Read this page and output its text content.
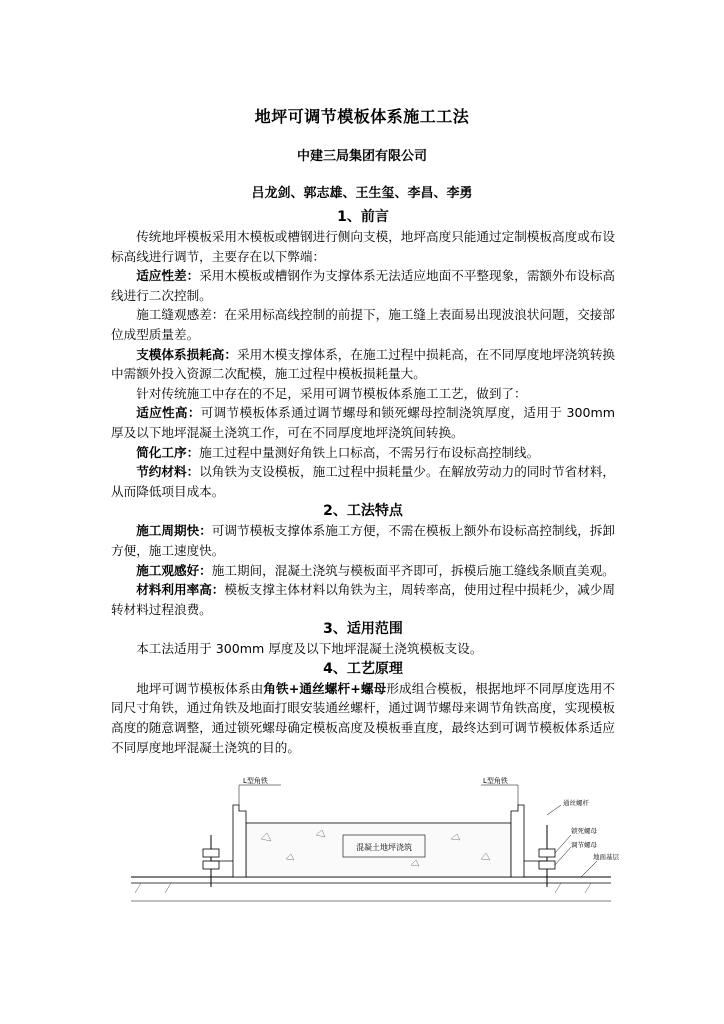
地坪可调节模板体系施工工法
中建三局集团有限公司
吕龙剑、郭志雄、王生玺、李昌、李勇

1、前言

传统地坪模板采用木模板或槽钢进行侧向支模，地坪高度只能通过定制模板高度或布设标高线进行调节，主要存在以下弊端：

适应性差：采用木模板或槽钢作为支撑体系无法适应地面不平整现象，需额外布设标高线进行二次控制。

施工缝观感差：在采用标高线控制的前提下，施工缝上表面易出现波浪状问题，交接部位成型质量差。

支模体系损耗高：采用木模支撑体系，在施工过程中损耗高，在不同厚度地坪浇筑转换中需额外投入资源二次配模，施工过程中模板损耗量大。

针对传统施工中存在的不足，采用可调节模板体系施工工艺，做到了：

适应性高：可调节模板体系通过调节螺母和锁死螺母控制浇筑厚度，适用于 300mm 厚及以下地坪混凝土浇筑工作，可在不同厚度地坪浇筑间转换。

简化工序：施工过程中量测好角铁上口标高，不需另行布设标高控制线。

节约材料：以角铁为支设模板，施工过程中损耗量少。在解放劳动力的同时节省材料，从而降低项目成本。

2、工法特点

施工周期快：可调节模板支撑体系施工方便，不需在模板上额外布设标高控制线，拆卸方便，施工速度快。

施工观感好：施工期间，混凝土浇筑与模板面平齐即可，拆模后施工缝线条顺直美观。

材料利用率高：模板支撑主体材料以角铁为主，周转率高，使用过程中损耗少，减少周转材料过程浪费。

3、适用范围

本工法适用于 300mm 厚度及以下地坪混凝土浇筑模板支设。

4、工艺原理

地坪可调节模板体系由角铁+通丝螺杆+螺母形成组合模板，根据地坪不同厚度选用不同尺寸角铁，通过角铁及地面打眼安装通丝螺杆，通过调节螺母来调节角铁高度，实现模板高度的随意调整，通过锁死螺母确定模板高度及模板垂直度，最终达到可调节模板体系适应不同厚度地坪混凝土浇筑的目的。

混凝土地坪浇筑
L型角铁	L型角铁
通丝螺杆
锁死螺母
调节螺母
地面基层
